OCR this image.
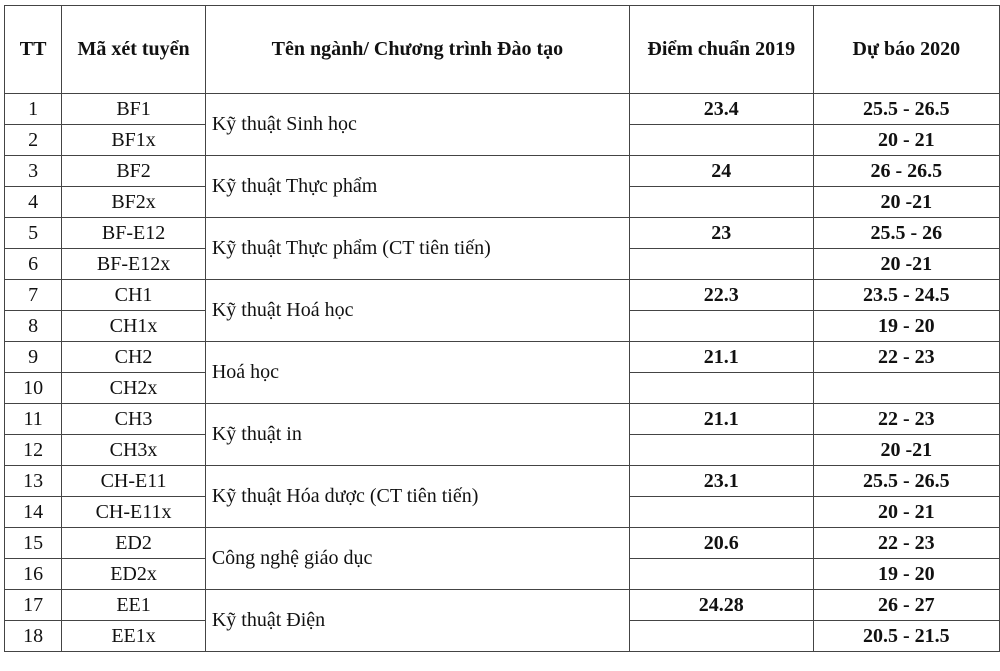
TT	Mã xét tuyển	Tên ngành/ Chương trình Đào tạo	Điểm chuẩn 2019	Dự báo 2020
1	BF1	Kỹ thuật Sinh học	23.4	25.5 - 26.5
2	BF1x			20 - 21
3	BF2	Kỹ thuật Thực phẩm	24	26 - 26.5
4	BF2x			20 -21
5	BF-E12	Kỹ thuật Thực phẩm (CT tiên tiến)	23	25.5 - 26
6	BF-E12x			20 -21
7	CH1	Kỹ thuật Hoá học	22.3	23.5 - 24.5
8	CH1x			19 - 20
9	CH2	Hoá học	21.1	22 - 23
10	CH2x			
11	CH3	Kỹ thuật in	21.1	22 - 23
12	CH3x			20 -21
13	CH-E11	Kỹ thuật Hóa dược (CT tiên tiến)	23.1	25.5 - 26.5
14	CH-E11x			20 - 21
15	ED2	Công nghệ giáo dục	20.6	22 - 23
16	ED2x			19 - 20
17	EE1	Kỹ thuật Điện	24.28	26 - 27
18	EE1x			20.5 - 21.5
